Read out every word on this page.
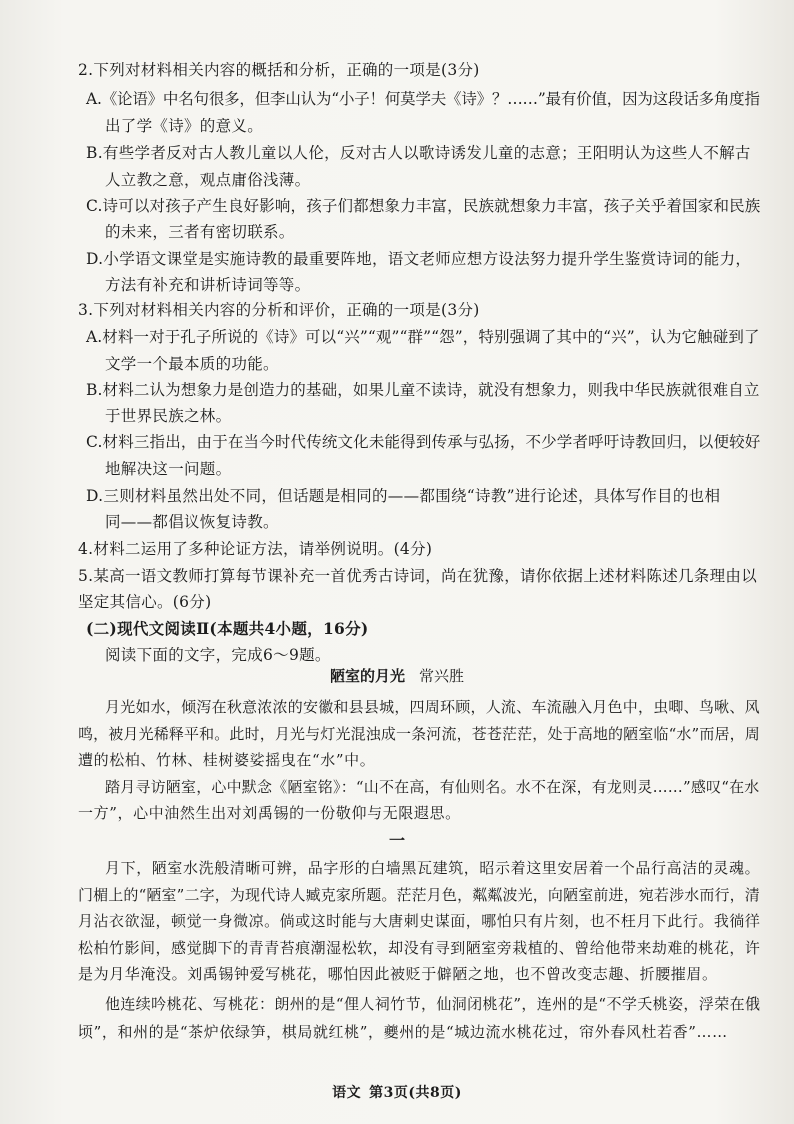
2.下列对材料相关内容的概括和分析，正确的一项是(3分)
A.《论语》中名句很多，但李山认为“小子！何莫学夫《诗》？……”最有价值，因为这段话多角度指
出了学《诗》的意义。
B.有些学者反对古人教儿童以人伦，反对古人以歌诗诱发儿童的志意；王阳明认为这些人不解古
人立教之意，观点庸俗浅薄。
C.诗可以对孩子产生良好影响，孩子们都想象力丰富，民族就想象力丰富，孩子关乎着国家和民族
的未来，三者有密切联系。
D.小学语文课堂是实施诗教的最重要阵地，语文老师应想方设法努力提升学生鉴赏诗词的能力，
方法有补充和讲析诗词等等。
3.下列对材料相关内容的分析和评价，正确的一项是(3分)
A.材料一对于孔子所说的《诗》可以“兴”“观”“群”“怨”，特别强调了其中的“兴”，认为它触碰到了
文学一个最本质的功能。
B.材料二认为想象力是创造力的基础，如果儿童不读诗，就没有想象力，则我中华民族就很难自立
于世界民族之林。
C.材料三指出，由于在当今时代传统文化未能得到传承与弘扬，不少学者呼吁诗教回归，以便较好
地解决这一问题。
D.三则材料虽然出处不同，但话题是相同的——都围绕“诗教”进行论述，具体写作目的也相
同——都倡议恢复诗教。
4.材料二运用了多种论证方法，请举例说明。(4分)
5.某高一语文教师打算每节课补充一首优秀古诗词，尚在犹豫，请你依据上述材料陈述几条理由以
坚定其信心。(6分)
(二)现代文阅读Ⅱ(本题共4小题，16分)
阅读下面的文字，完成6～9题。
陋室的月光 常兴胜
月光如水，倾泻在秋意浓浓的安徽和县县城，四周环顾，人流、车流融入月色中，虫唧、鸟啾、风
鸣，被月光稀释平和。此时，月光与灯光混浊成一条河流，苍苍茫茫，处于高地的陋室临“水”而居，周
遭的松柏、竹林、桂树婆娑摇曳在“水”中。
踏月寻访陋室，心中默念《陋室铭》：“山不在高，有仙则名。水不在深，有龙则灵……”感叹“在水
一方”，心中油然生出对刘禹锡的一份敬仰与无限遐思。
一
月下，陋室水洗般清晰可辨，品字形的白墙黑瓦建筑，昭示着这里安居着一个品行高洁的灵魂。
门楣上的“陋室”二字，为现代诗人臧克家所题。茫茫月色，粼粼波光，向陋室前进，宛若涉水而行，清
月沾衣欲湿，顿觉一身微凉。倘或这时能与大唐刺史谋面，哪怕只有片刻，也不枉月下此行。我徜徉
松柏竹影间，感觉脚下的青青苔痕潮湿松软，却没有寻到陋室旁栽植的、曾给他带来劫难的桃花，许
是为月华淹没。刘禹锡钟爱写桃花，哪怕因此被贬于僻陋之地，也不曾改变志趣、折腰摧眉。
他连续吟桃花、写桃花：朗州的是“俚人祠竹节，仙洞闭桃花”，连州的是“不学夭桃姿，浮荣在俄
顷”，和州的是“茶炉依绿笋，棋局就红桃”，夔州的是“城边流水桃花过，帘外春风杜若香”……
语文 第3页(共8页)
